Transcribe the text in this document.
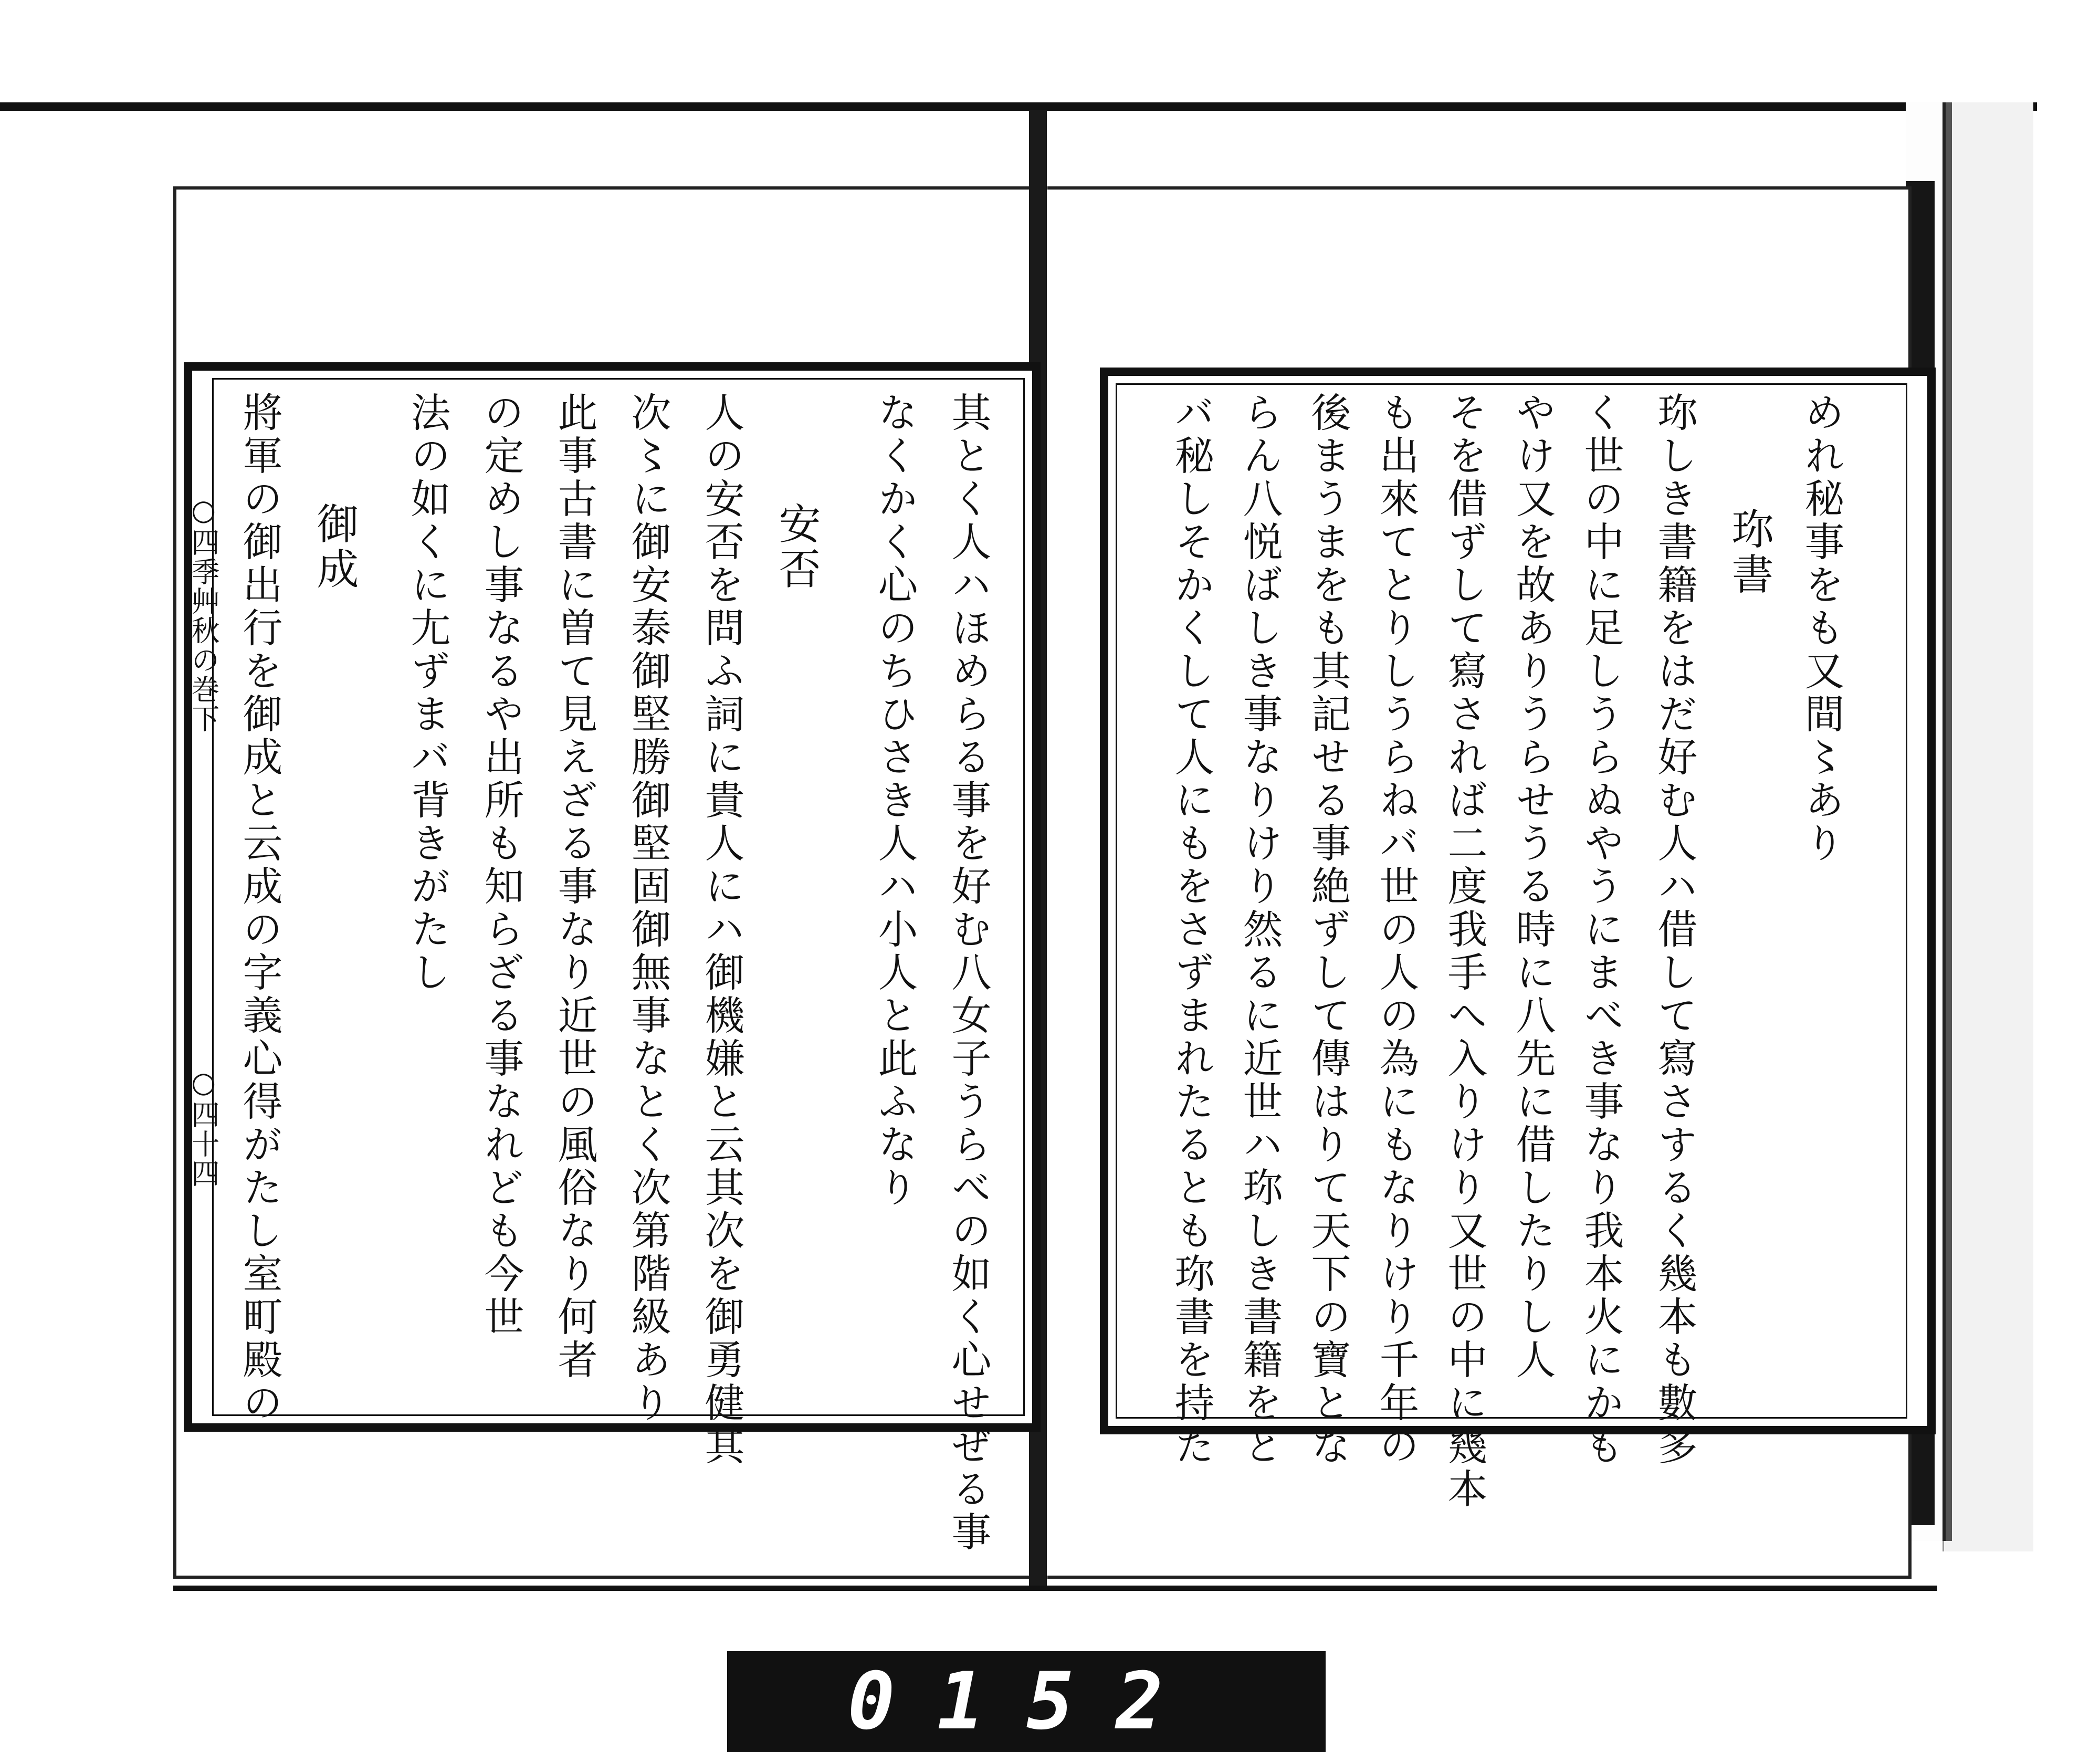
其とく人ハほめらる事を好む八女子うらべの如く心せぜる事
なくかく心のちひさき人ハ小人と此ふなり
安否
人の安否を問ふ詞に貴人にハ御機嫌と云其次を御勇健其
次〻に御安泰御堅勝御堅固御無事なとく次第階級あり
此事古書に曽て見えざる事なり近世の風俗なり何者
の定めし事なるや出所も知らざる事なれども今世
法の如くに尢ずまバ背きがたし
御成
將軍の御出行を御成と云成の字義心得がたし室町殿の
○四季艸秋の巻下
○四十四
めれ秘事をも又間〻あり
珎書
珎しき書籍をはだ好む人ハ借して寫さするく幾本も數多
く世の中に足しうらぬやうにまべき事なり我本火にかも
やけ又を故ありうらせうる時に八先に借したりし人
そを借ずして寫されば二度我手へ入りけり又世の中に幾本
も出來てとりしうらねバ世の人の為にもなりけり千年の
後まうまをも其記せる事絶ずして傳はりて天下の寶とな
らん八悦ばしき事なりけり然るに近世ハ珎しき書籍をと
バ秘しそかくして人にもをさずまれたるとも珎書を持た
0152
